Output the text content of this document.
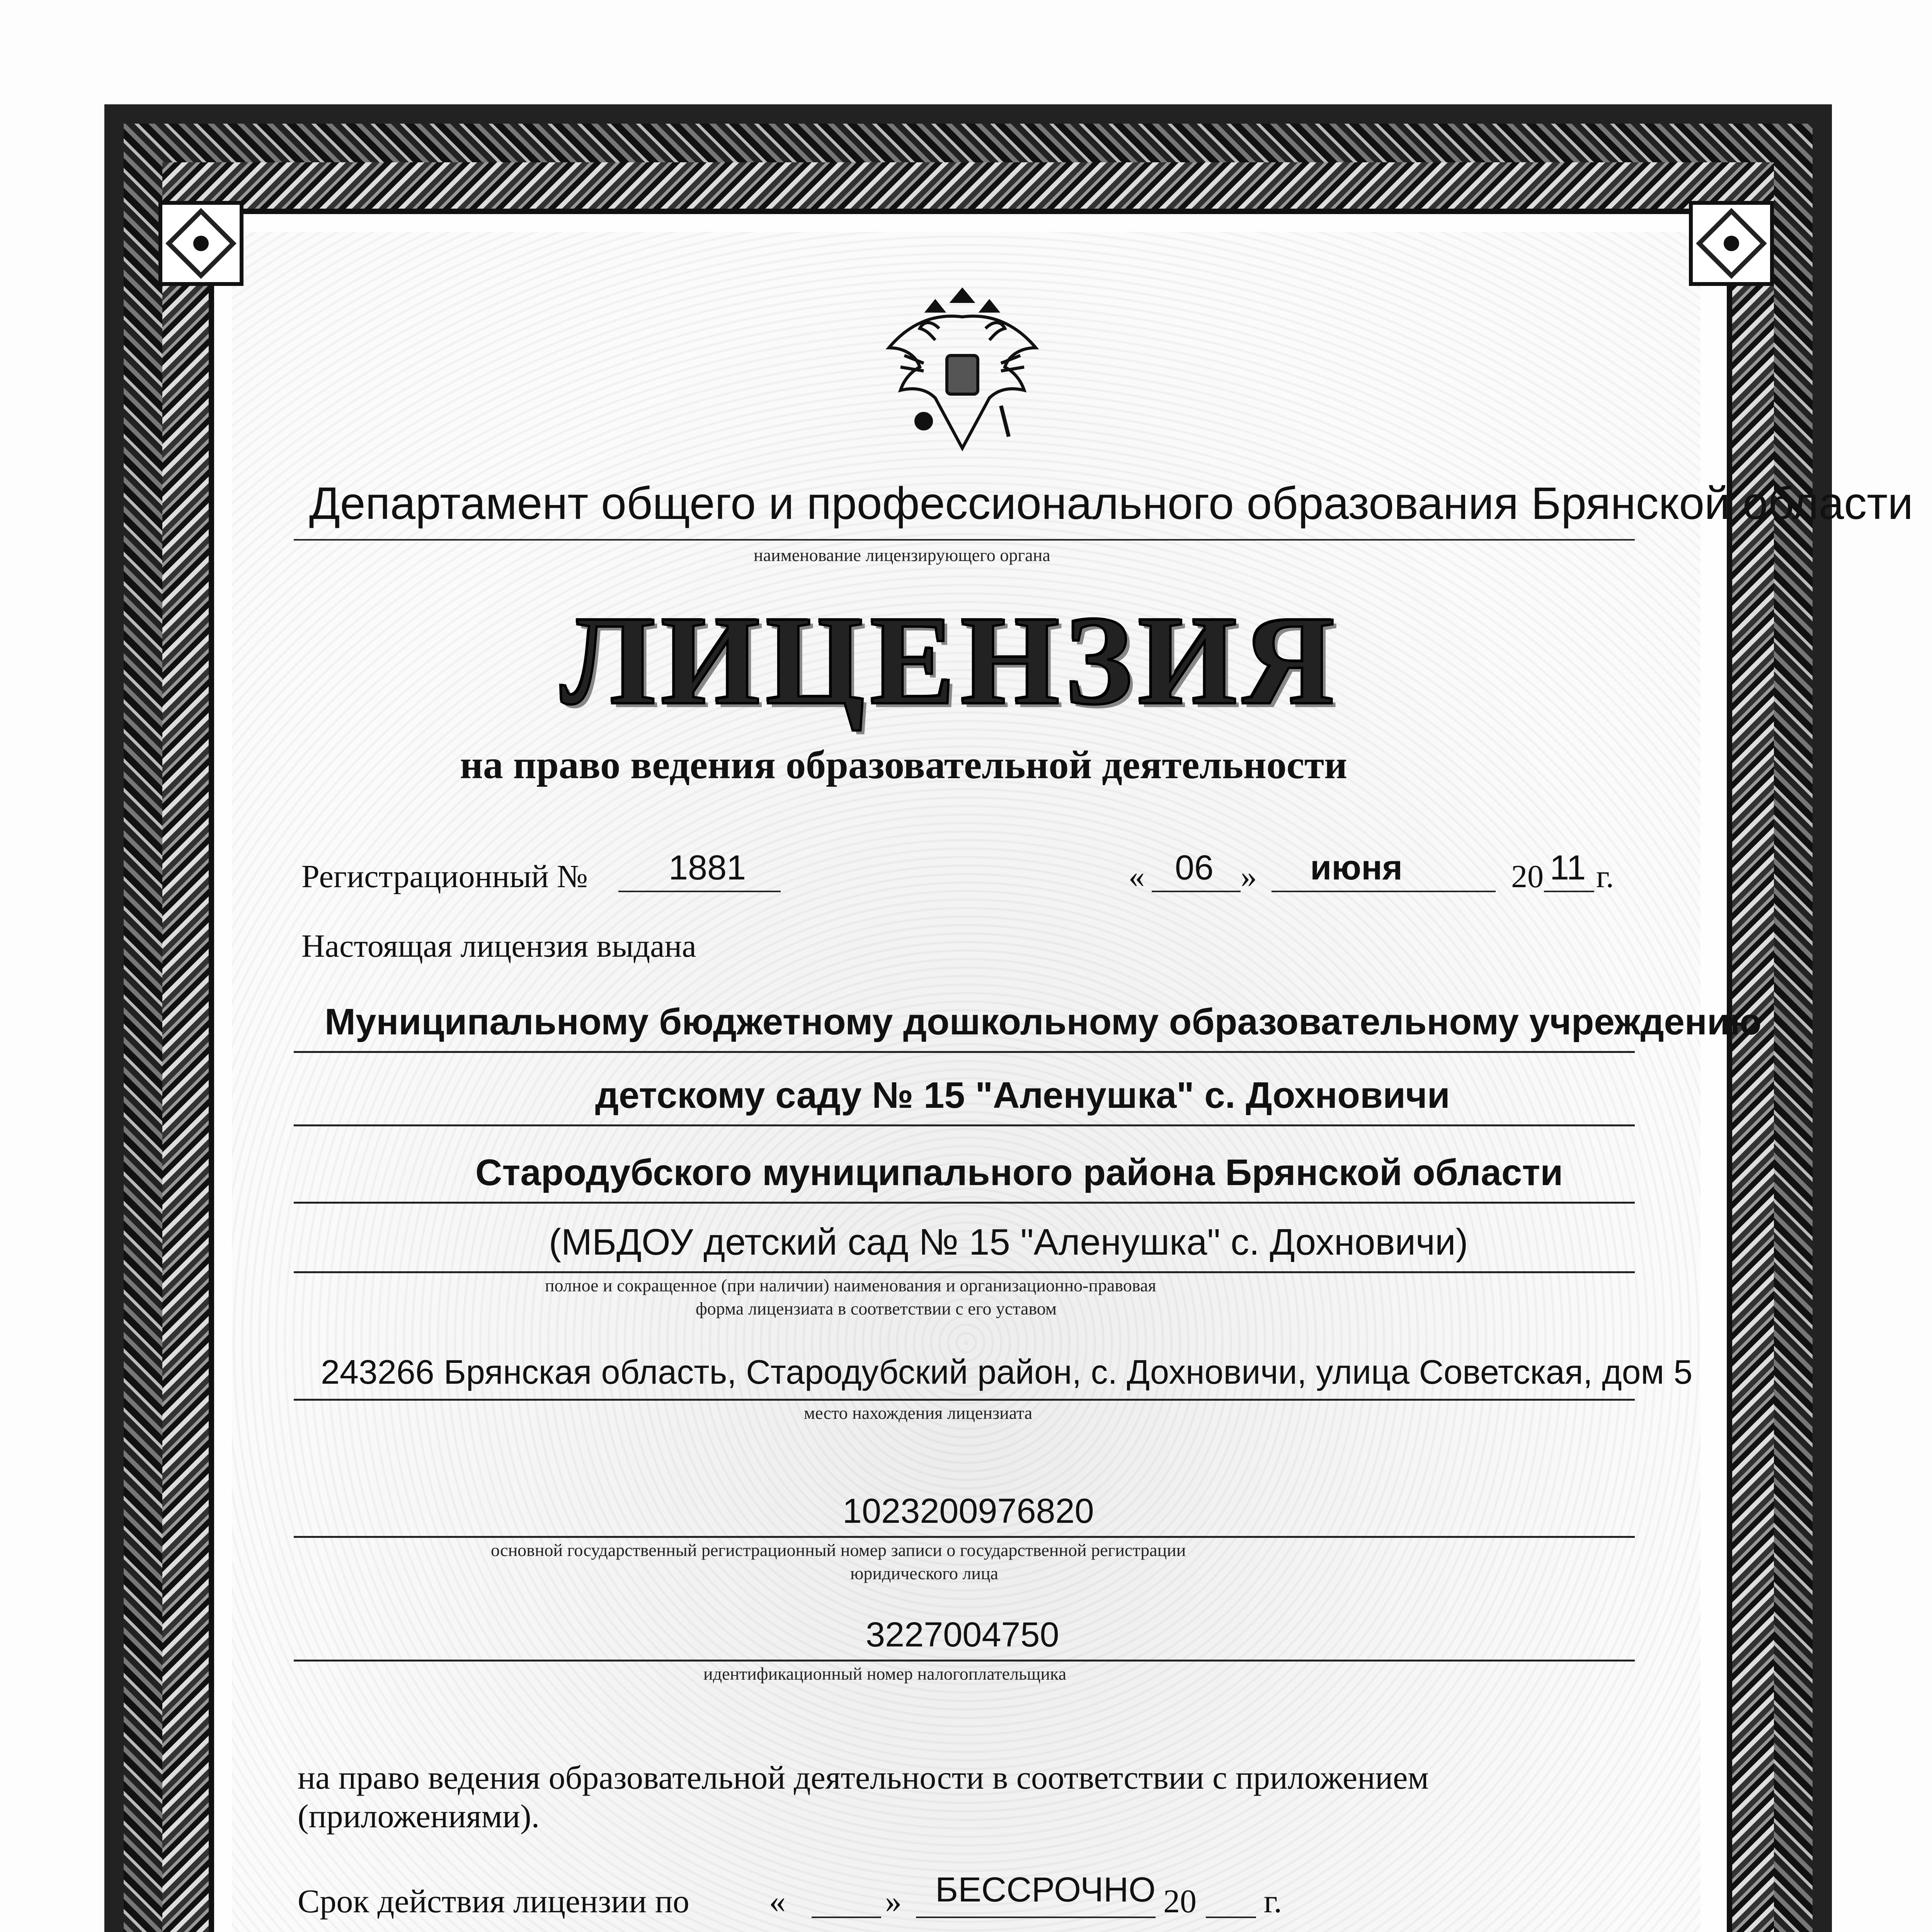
Департамент общего и профессионального образования Брянской области
наименование лицензирующего органа
ЛИЦЕНЗИЯ
на право ведения образовательной деятельности
Регистрационный № 1881	« 06 » июня	20 11 г.
Настоящая лицензия выдана
Муниципальному бюджетному дошкольному образовательному учреждению
детскому саду № 15 "Аленушка" с. Дохновичи
Стародубского муниципального района Брянской области
(МБДОУ детский сад № 15 "Аленушка" с. Дохновичи)
полное и сокращенное (при наличии) наименования и организационно-правовая
форма лицензиата в соответствии с его уставом
243266 Брянская область, Стародубский район, с. Дохновичи, улица Советская, дом 5
место нахождения лицензиата
1023200976820
основной государственный регистрационный номер записи о государственной регистрации
юридического лица
3227004750
идентификационный номер налогоплательщика
на право ведения образовательной деятельности в соответствии с приложением
(приложениями).
Срок действия лицензии по «	» БЕССРОЧНО 20 г.
